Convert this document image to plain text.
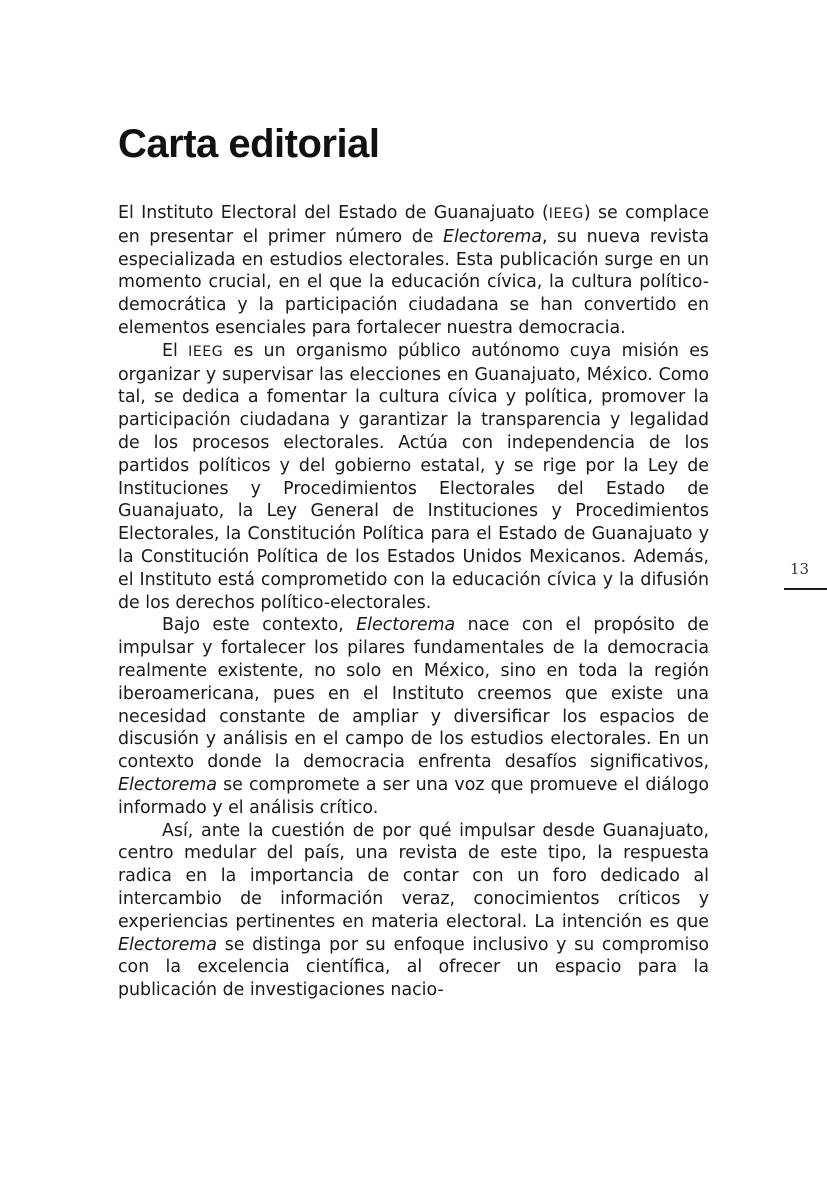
Carta editorial

El Instituto Electoral del Estado de Guanajuato (IEEG) se complace en presentar el primer número de Electorema, su nueva revista especializada en estudios electorales. Esta publicación surge en un momento crucial, en el que la educación cívica, la cultura político-democrática y la participación ciudadana se han convertido en elementos esenciales para fortalecer nuestra democracia.

El IEEG es un organismo público autónomo cuya misión es organizar y supervisar las elecciones en Guanajuato, México. Como tal, se dedica a fomentar la cultura cívica y política, promover la participación ciudadana y garantizar la transparencia y legalidad de los procesos electorales. Actúa con independencia de los partidos políticos y del gobierno estatal, y se rige por la Ley de Instituciones y Procedimientos Electorales del Estado de Guanajuato, la Ley General de Instituciones y Procedimientos Electorales, la Constitución Política para el Estado de Guanajuato y la Constitución Política de los Estados Unidos Mexicanos. Además, el Instituto está comprometido con la educación cívica y la difusión de los derechos político-electorales.

Bajo este contexto, Electorema nace con el propósito de impulsar y fortalecer los pilares fundamentales de la democracia realmente existente, no solo en México, sino en toda la región iberoamericana, pues en el Instituto creemos que existe una necesidad constante de ampliar y diversificar los espacios de discusión y análisis en el campo de los estudios electorales. En un contexto donde la democracia enfrenta desafíos significativos, Electorema se compromete a ser una voz que promueve el diálogo informado y el análisis crítico.

Así, ante la cuestión de por qué impulsar desde Guanajuato, centro medular del país, una revista de este tipo, la respuesta radica en la importancia de contar con un foro dedicado al intercambio de información veraz, conocimientos críticos y experiencias pertinentes en materia electoral. La intención es que Electorema se distinga por su enfoque inclusivo y su compromiso con la excelencia científica, al ofrecer un espacio para la publicación de investigaciones nacio-

13
